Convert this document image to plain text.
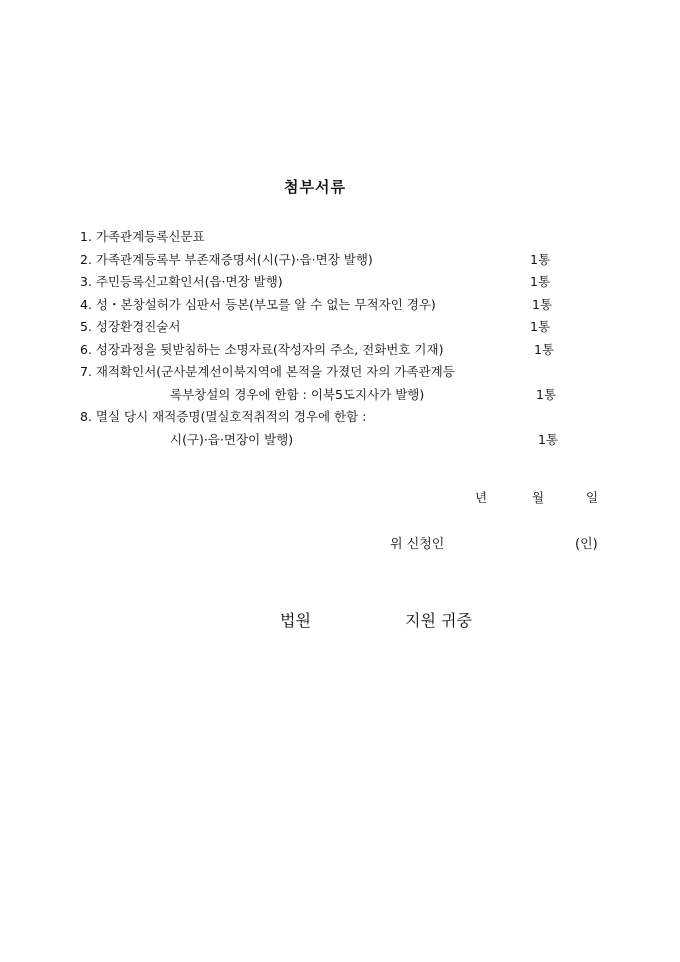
첨부서류
1. 가족관계등록신문표
2. 가족관계등록부 부존재증명서(시(구)·읍·면장 발행)	1통
3. 주민등록신고확인서(읍·면장 발행)	1통
4. 성・본창설허가 심판서 등본(부모를 알 수 없는 무적자인 경우)	1통
5. 성장환경진술서	1통
6. 성장과정을 뒷받침하는 소명자료(작성자의 주소, 전화번호 기재)	1통
7. 재적확인서(군사분계선이북지역에 본적을 가졌던 자의 가족관계등
록부창설의 경우에 한함 : 이북5도지사가 발행)	1통
8. 멸실 당시 재적증명(멸실호적취적의 경우에 한함 :
시(구)·읍·면장이 발행)	1통
년	월	일
위 신청인	(인)
법원	지원 귀중
